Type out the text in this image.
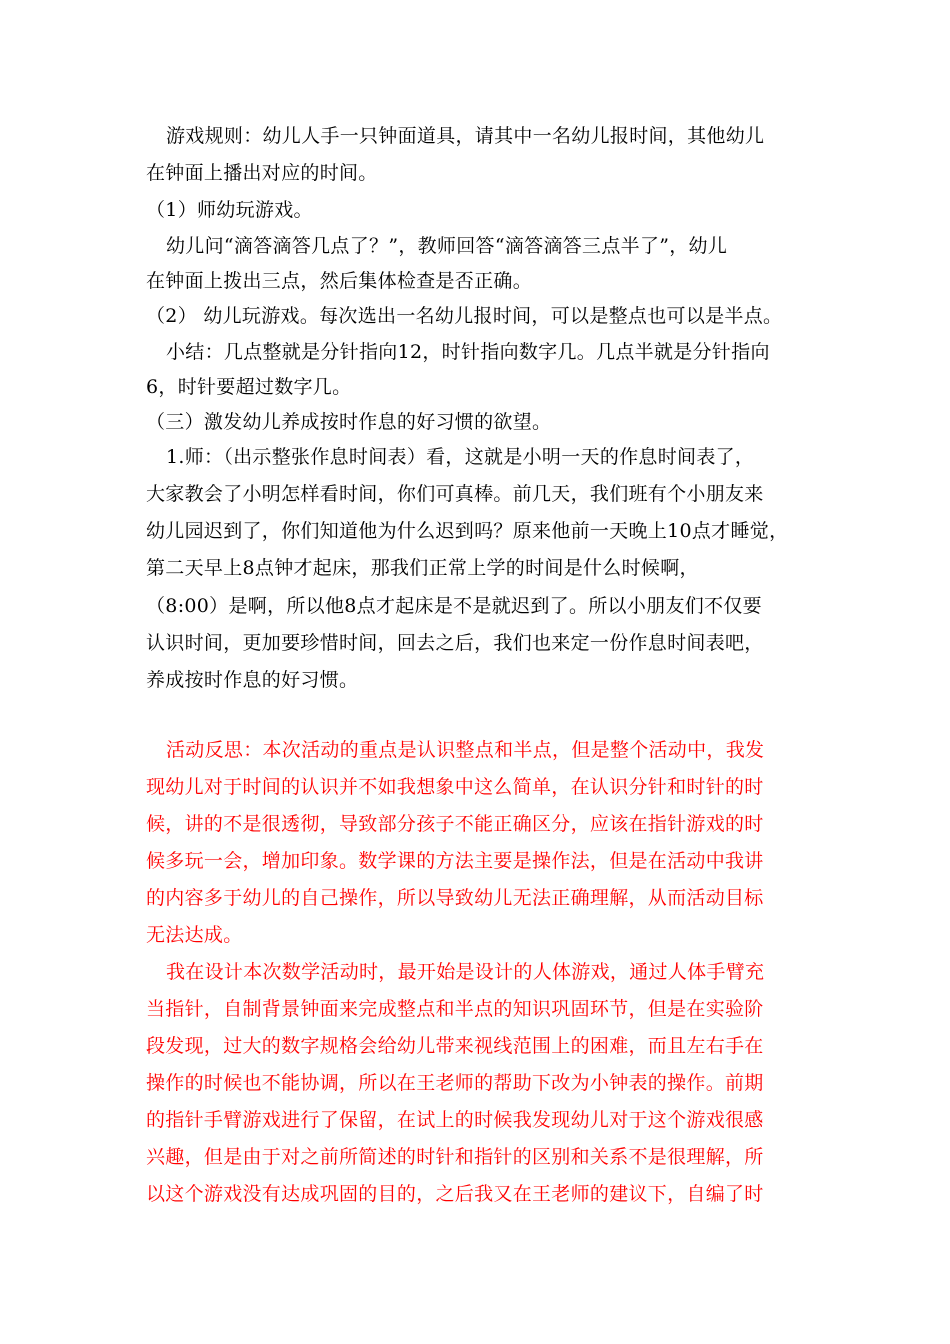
游戏规则：幼儿人手一只钟面道具，请其中一名幼儿报时间，其他幼儿
在钟面上播出对应的时间。
（1）师幼玩游戏。
幼儿问“滴答滴答几点了？”，教师回答“滴答滴答三点半了”，幼儿
在钟面上拨出三点，然后集体检查是否正确。
（2） 幼儿玩游戏。每次选出一名幼儿报时间，可以是整点也可以是半点。
小结：几点整就是分针指向12，时针指向数字几。几点半就是分针指向
6，时针要超过数字几。
（三）激发幼儿养成按时作息的好习惯的欲望。
1.师：（出示整张作息时间表）看，这就是小明一天的作息时间表了，
大家教会了小明怎样看时间，你们可真棒。前几天，我们班有个小朋友来
幼儿园迟到了，你们知道他为什么迟到吗？原来他前一天晚上10点才睡觉，
第二天早上8点钟才起床，那我们正常上学的时间是什么时候啊，
（8:00）是啊，所以他8点才起床是不是就迟到了。所以小朋友们不仅要
认识时间，更加要珍惜时间，回去之后，我们也来定一份作息时间表吧，
养成按时作息的好习惯。
活动反思：本次活动的重点是认识整点和半点，但是整个活动中，我发
现幼儿对于时间的认识并不如我想象中这么简单，在认识分针和时针的时
候，讲的不是很透彻，导致部分孩子不能正确区分，应该在指针游戏的时
候多玩一会，增加印象。数学课的方法主要是操作法，但是在活动中我讲
的内容多于幼儿的自己操作，所以导致幼儿无法正确理解，从而活动目标
无法达成。
我在设计本次数学活动时，最开始是设计的人体游戏，通过人体手臂充
当指针，自制背景钟面来完成整点和半点的知识巩固环节，但是在实验阶
段发现，过大的数字规格会给幼儿带来视线范围上的困难，而且左右手在
操作的时候也不能协调，所以在王老师的帮助下改为小钟表的操作。前期
的指针手臂游戏进行了保留，在试上的时候我发现幼儿对于这个游戏很感
兴趣，但是由于对之前所简述的时针和指针的区别和关系不是很理解，所
以这个游戏没有达成巩固的目的，之后我又在王老师的建议下，自编了时
